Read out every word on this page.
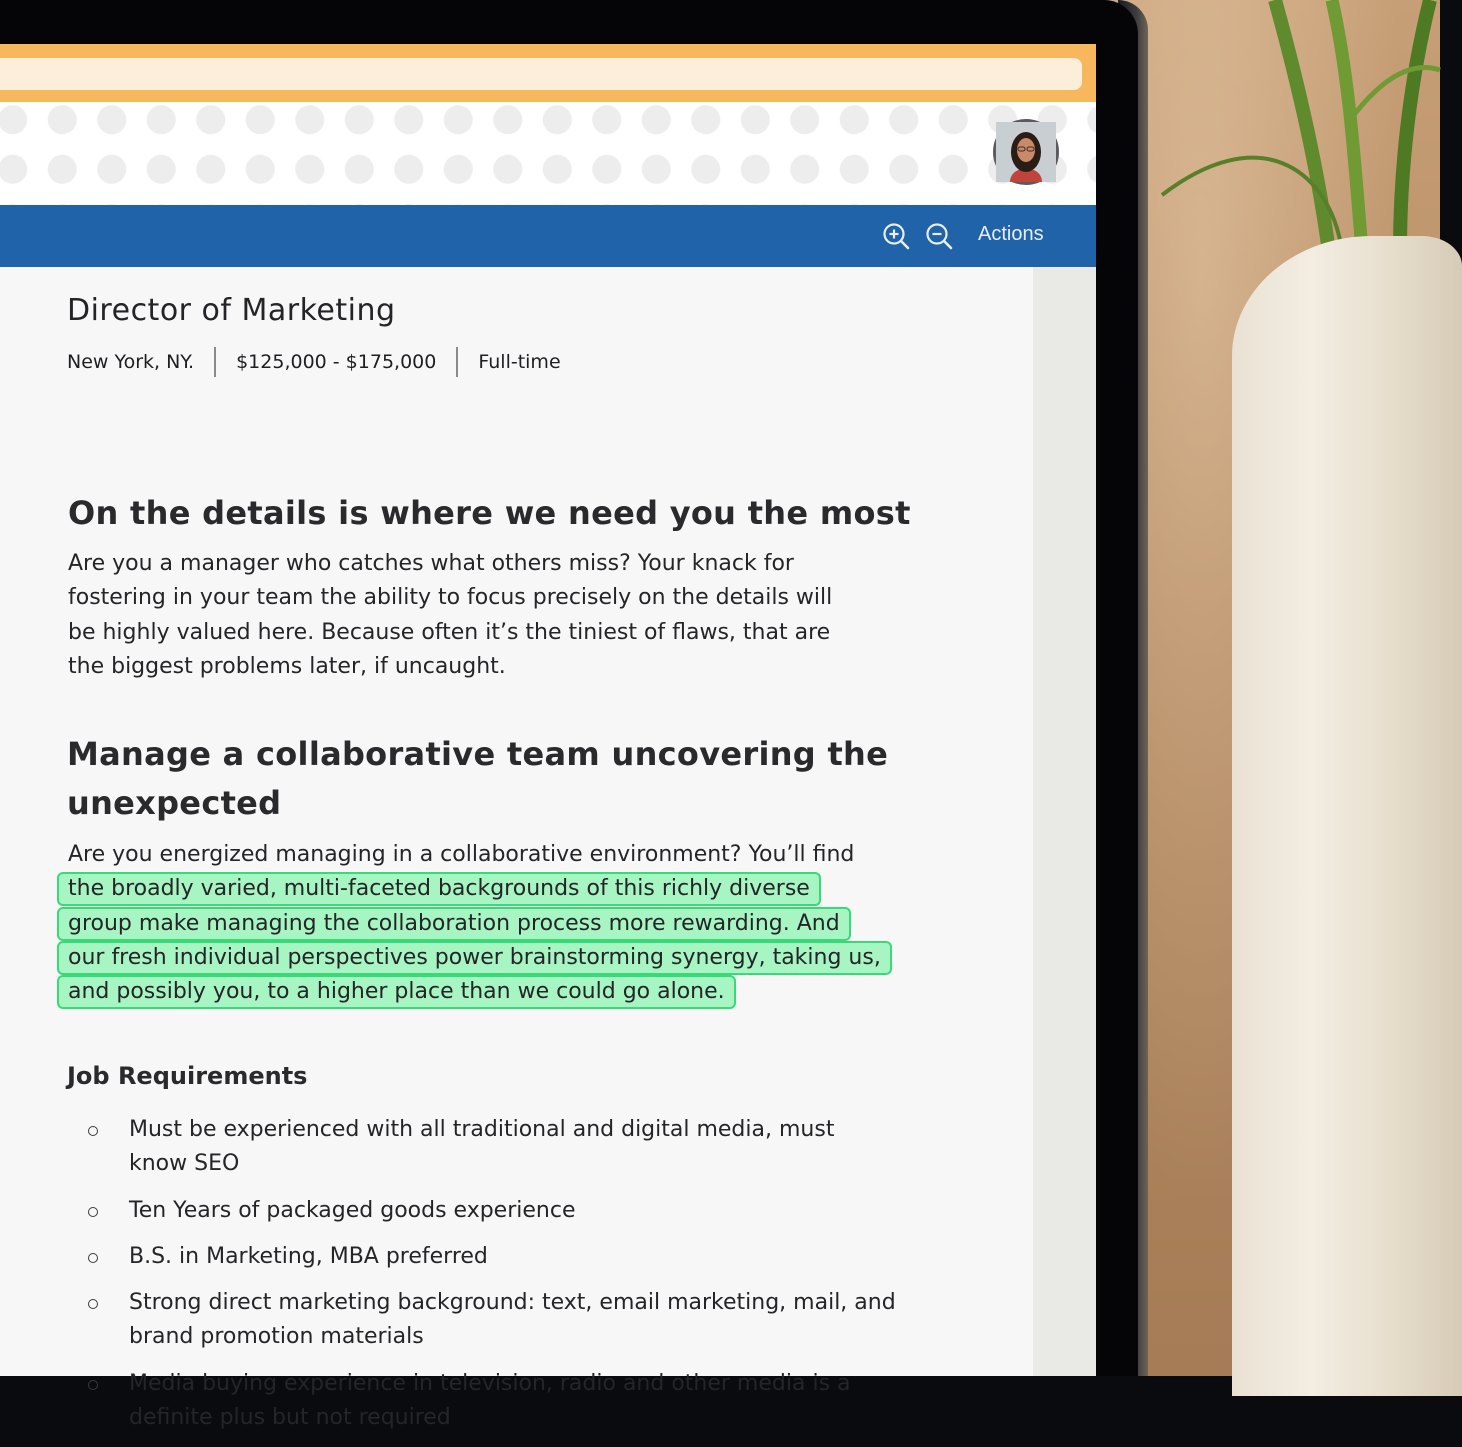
Actions
Director of Marketing
New York, NY. $125,000 - $175,000 Full-time
On the details is where we need you the most

Are you a manager who catches what others miss? Your knack for
fostering in your team the ability to focus precisely on the details will
be highly valued here. Because often it’s the tiniest of flaws, that are
the biggest problems later, if uncaught.

Manage a collaborative team uncovering the
unexpected

Are you energized managing in a collaborative environment? You’ll find
the broadly varied, multi-faceted backgrounds of this richly diverse
group make managing the collaboration process more rewarding. And
our fresh individual perspectives power brainstorming synergy, taking us,
and possibly you, to a higher place than we could go alone.

Job Requirements
Must be experienced with all traditional and digital media, must
know SEO
Ten Years of packaged goods experience
B.S. in Marketing, MBA preferred
Strong direct marketing background: text, email marketing, mail, and
brand promotion materials
Media buying experience in television, radio and other media is a
definite plus but not required
